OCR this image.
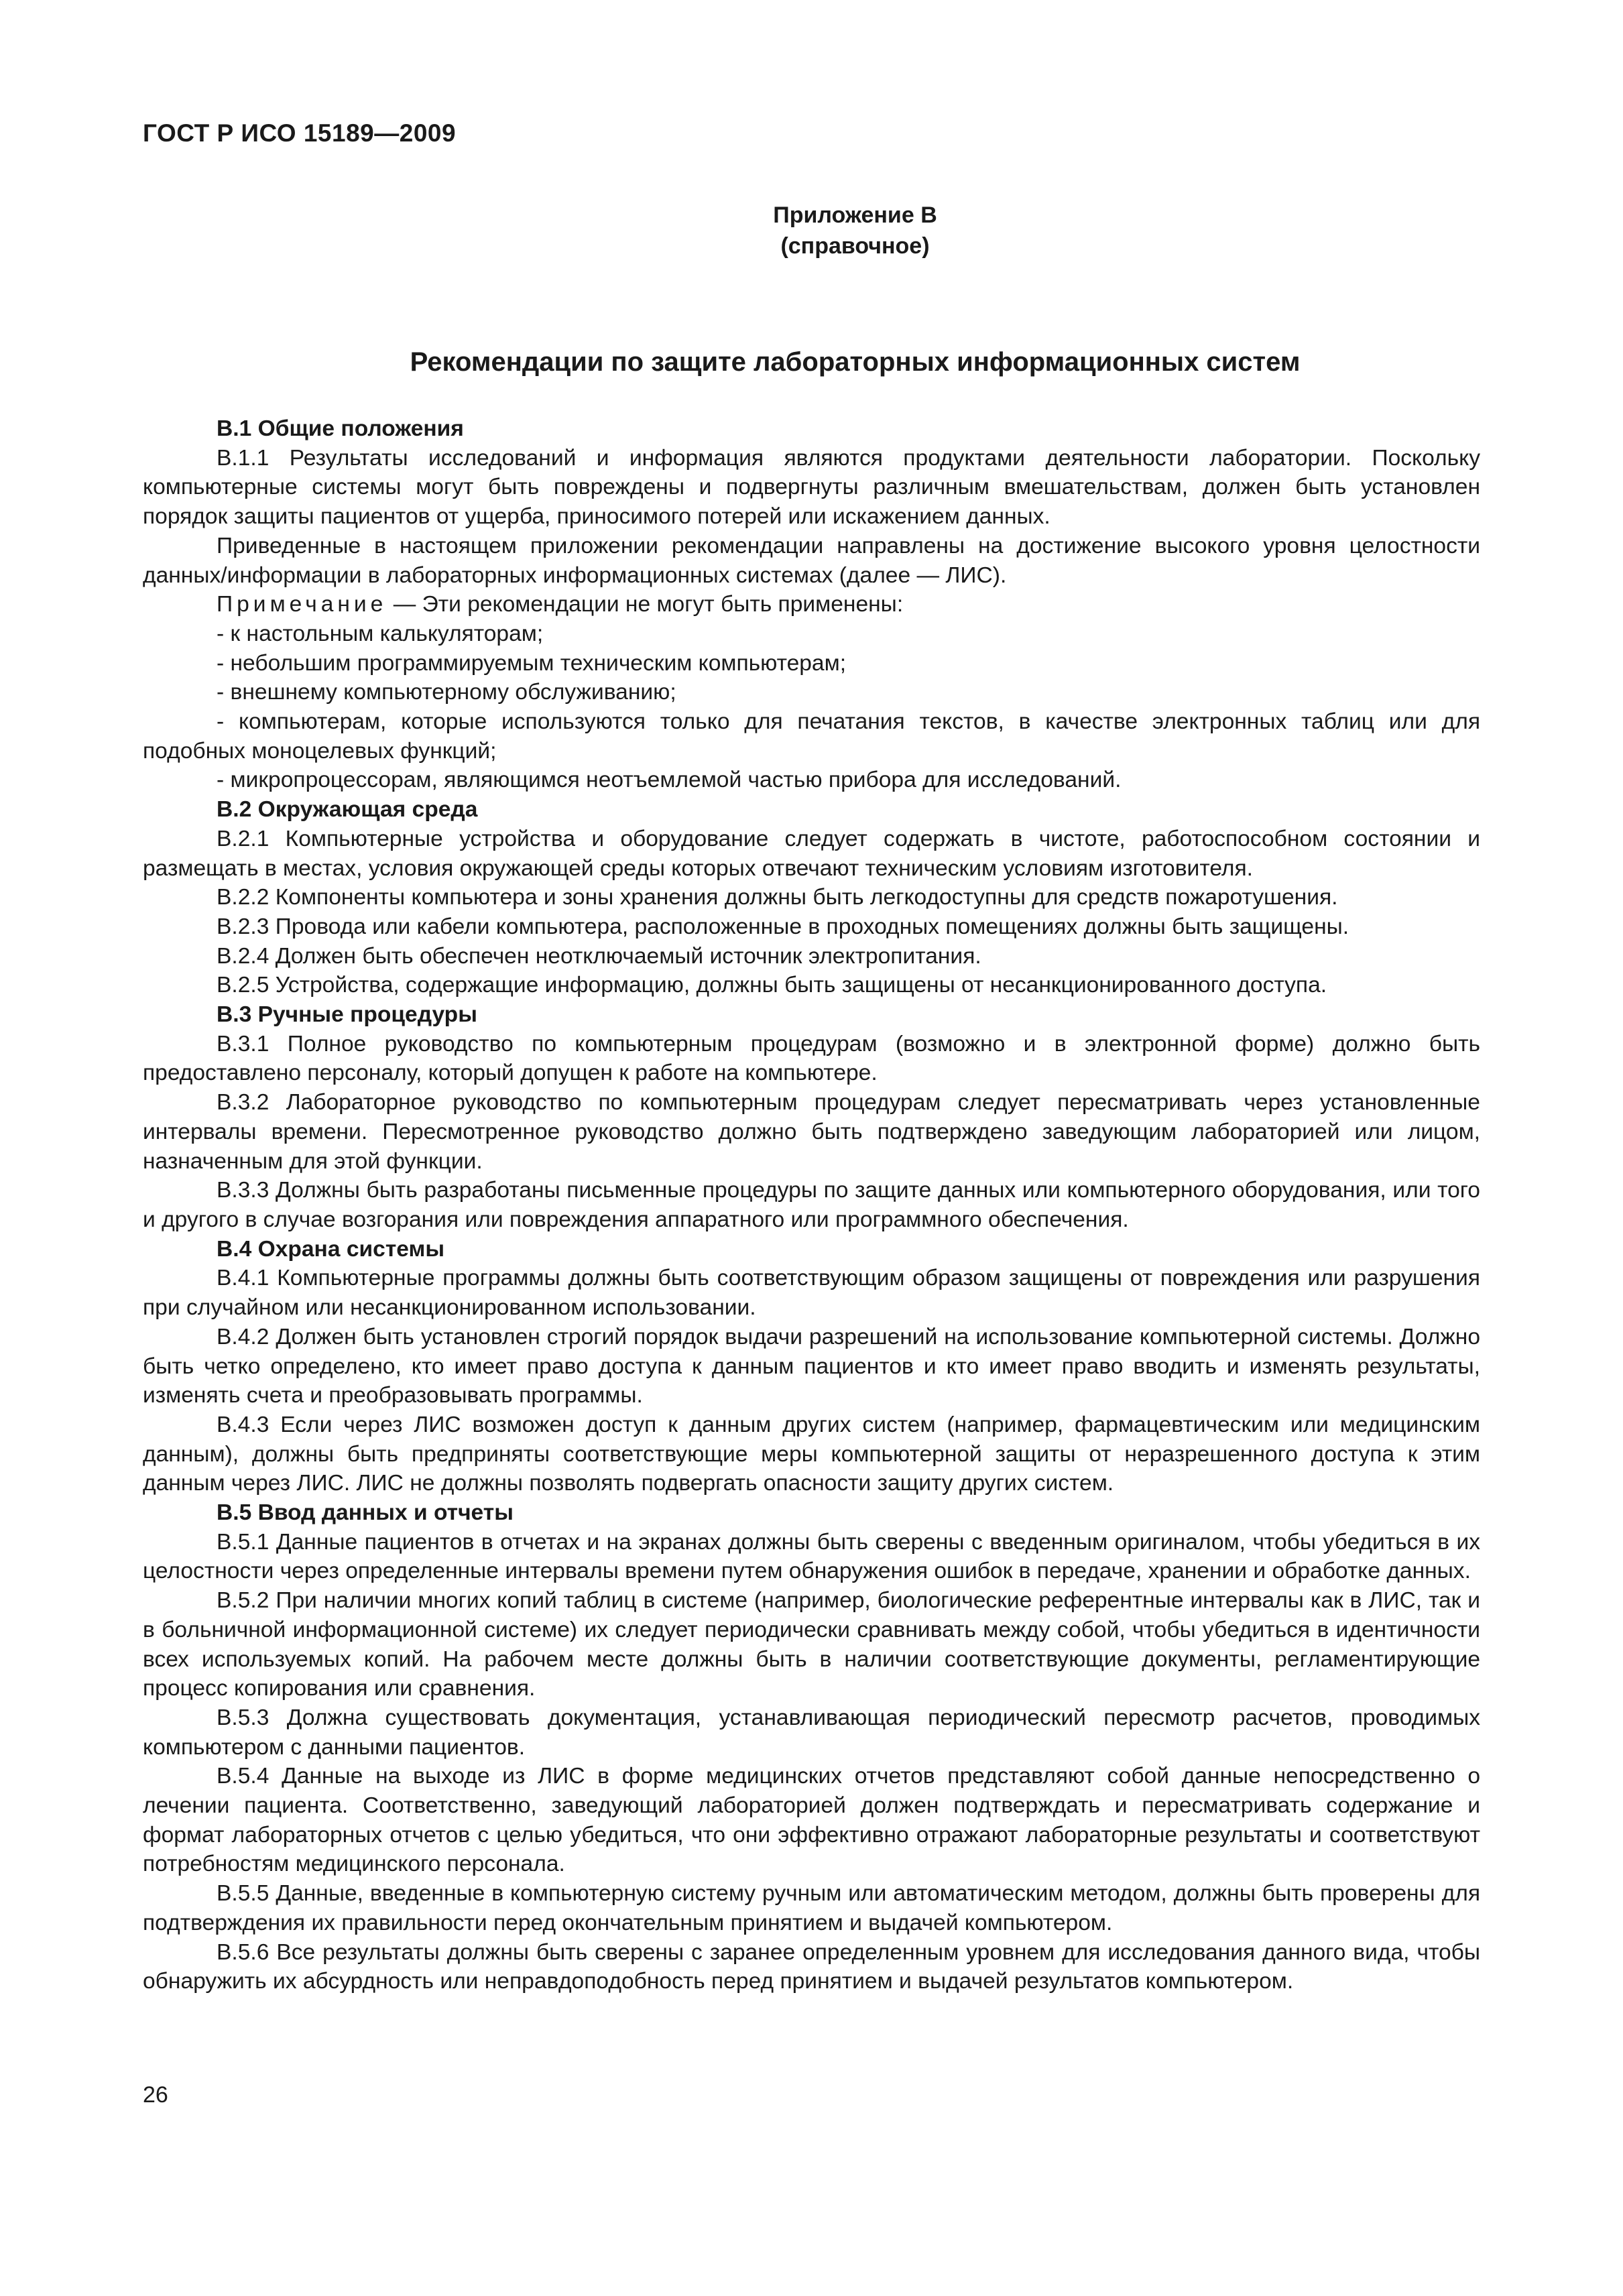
ГОСТ Р ИСО 15189—2009
Приложение В
(справочное)
Рекомендации по защите лабораторных информационных систем
В.1 Общие положения

В.1.1 Результаты исследований и информация являются продуктами деятельности лаборатории. Поскольку компьютерные системы могут быть повреждены и подвергнуты различным вмешательствам, должен быть установлен порядок защиты пациентов от ущерба, приносимого потерей или искажением данных.

Приведенные в настоящем приложении рекомендации направлены на достижение высокого уровня целостности данных/информации в лабораторных информационных системах (далее — ЛИС).

Примечание — Эти рекомендации не могут быть применены:

- к настольным калькуляторам;

- небольшим программируемым техническим компьютерам;

- внешнему компьютерному обслуживанию;

- компьютерам, которые используются только для печатания текстов, в качестве электронных таблиц или для подобных моноцелевых функций;

- микропроцессорам, являющимся неотъемлемой частью прибора для исследований.

В.2 Окружающая среда

В.2.1 Компьютерные устройства и оборудование следует содержать в чистоте, работоспособном состоянии и размещать в местах, условия окружающей среды которых отвечают техническим условиям изготовителя.

В.2.2 Компоненты компьютера и зоны хранения должны быть легкодоступны для средств пожаротушения.

В.2.3 Провода или кабели компьютера, расположенные в проходных помещениях должны быть защищены.

В.2.4 Должен быть обеспечен неотключаемый источник электропитания.

В.2.5 Устройства, содержащие информацию, должны быть защищены от несанкционированного доступа.

В.3 Ручные процедуры

В.3.1 Полное руководство по компьютерным процедурам (возможно и в электронной форме) должно быть предоставлено персоналу, который допущен к работе на компьютере.

В.3.2 Лабораторное руководство по компьютерным процедурам следует пересматривать через установленные интервалы времени. Пересмотренное руководство должно быть подтверждено заведующим лабораторией или лицом, назначенным для этой функции.

В.3.3 Должны быть разработаны письменные процедуры по защите данных или компьютерного оборудования, или того и другого в случае возгорания или повреждения аппаратного или программного обеспечения.

В.4 Охрана системы

В.4.1 Компьютерные программы должны быть соответствующим образом защищены от повреждения или разрушения при случайном или несанкционированном использовании.

В.4.2 Должен быть установлен строгий порядок выдачи разрешений на использование компьютерной системы. Должно быть четко определено, кто имеет право доступа к данным пациентов и кто имеет право вводить и изменять результаты, изменять счета и преобразовывать программы.

В.4.3 Если через ЛИС возможен доступ к данным других систем (например, фармацевтическим или медицинским данным), должны быть предприняты соответствующие меры компьютерной защиты от неразрешенного доступа к этим данным через ЛИС. ЛИС не должны позволять подвергать опасности защиту других систем.

В.5 Ввод данных и отчеты

В.5.1 Данные пациентов в отчетах и на экранах должны быть сверены с введенным оригиналом, чтобы убедиться в их целостности через определенные интервалы времени путем обнаружения ошибок в передаче, хранении и обработке данных.

В.5.2 При наличии многих копий таблиц в системе (например, биологические референтные интервалы как в ЛИС, так и в больничной информационной системе) их следует периодически сравнивать между собой, чтобы убедиться в идентичности всех используемых копий. На рабочем месте должны быть в наличии соответствующие документы, регламентирующие процесс копирования или сравнения.

В.5.3 Должна существовать документация, устанавливающая периодический пересмотр расчетов, проводимых компьютером с данными пациентов.

В.5.4 Данные на выходе из ЛИС в форме медицинских отчетов представляют собой данные непосредственно о лечении пациента. Соответственно, заведующий лабораторией должен подтверждать и пересматривать содержание и формат лабораторных отчетов с целью убедиться, что они эффективно отражают лабораторные результаты и соответствуют потребностям медицинского персонала.

В.5.5 Данные, введенные в компьютерную систему ручным или автоматическим методом, должны быть проверены для подтверждения их правильности перед окончательным принятием и выдачей компьютером.

В.5.6 Все результаты должны быть сверены с заранее определенным уровнем для исследования данного вида, чтобы обнаружить их абсурдность или неправдоподобность перед принятием и выдачей результатов компьютером.

26
